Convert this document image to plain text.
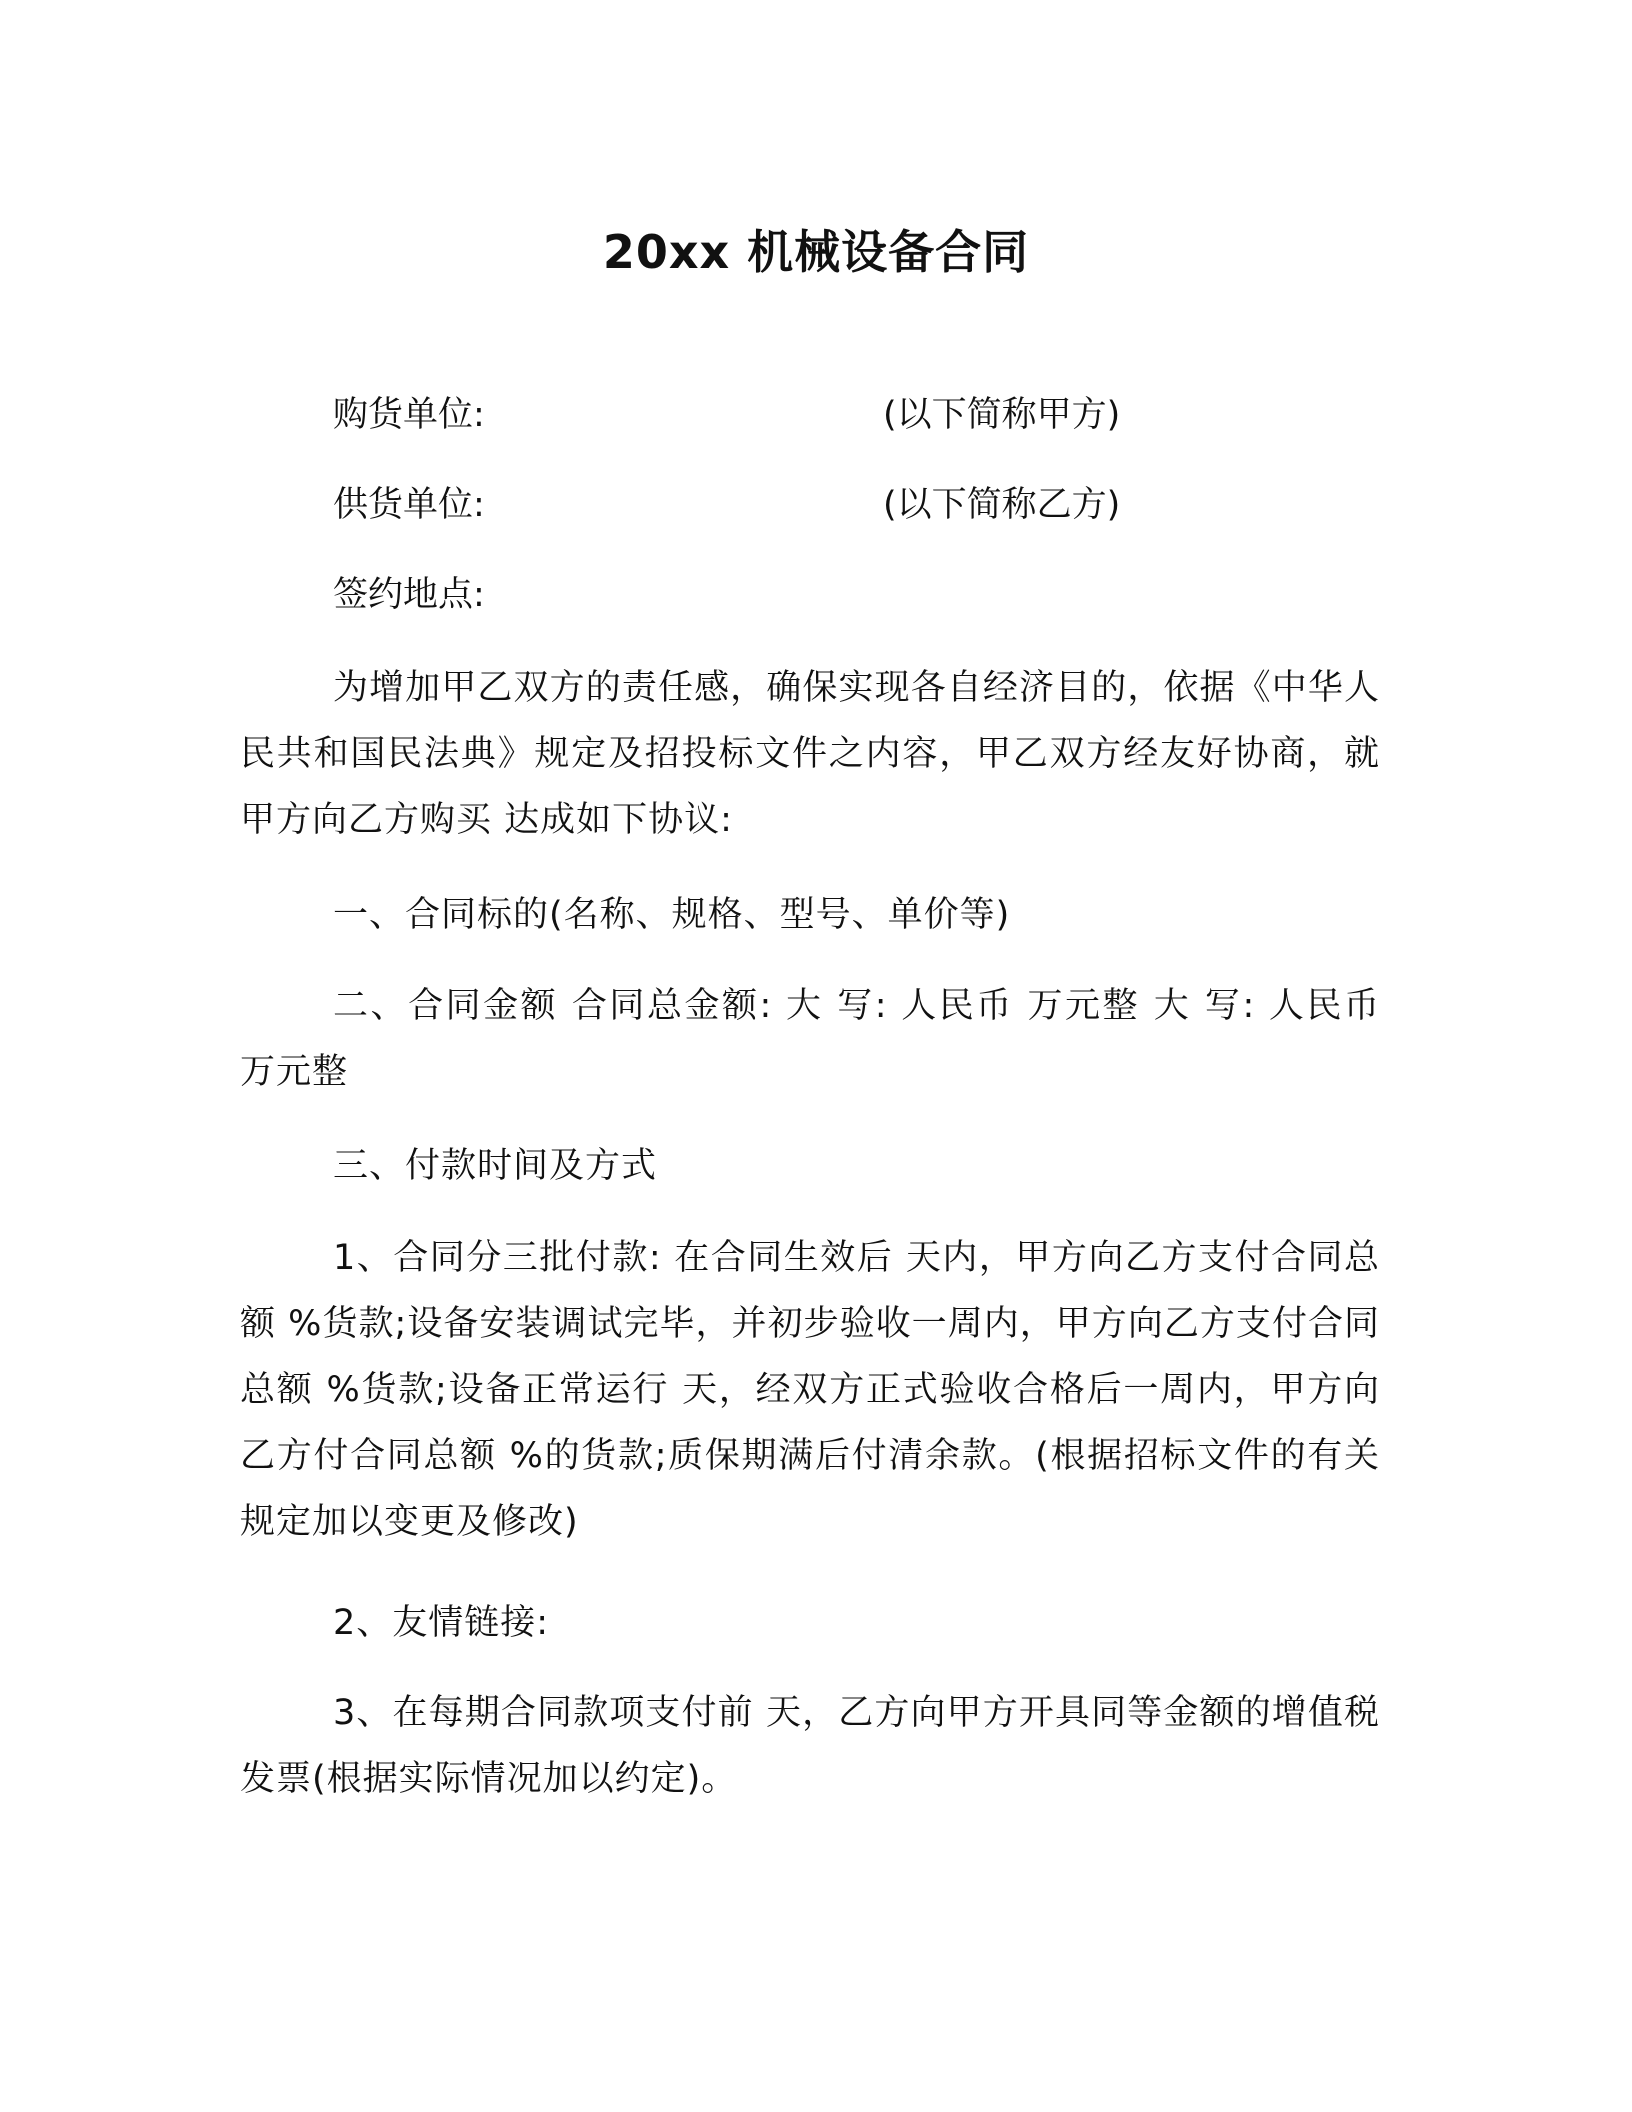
20xx 机械设备合同
购货单位:	(以下简称甲方)
供货单位:	(以下简称乙方)
签约地点:

为增加甲乙双方的责任感，确保实现各自经济目的，依据《中华人民共和国民法典》规定及招投标文件之内容，甲乙双方经友好协商，就甲方向乙方购买 达成如下协议:

一、合同标的(名称、规格、型号、单价等)

二、合同金额 合同总金额: 大 写: 人民币 万元整 大 写: 人民币 万元整

三、付款时间及方式

1、合同分三批付款: 在合同生效后 天内，甲方向乙方支付合同总额 %货款;设备安装调试完毕，并初步验收一周内，甲方向乙方支付合同总额 %货款;设备正常运行 天，经双方正式验收合格后一周内，甲方向乙方付合同总额 %的货款;质保期满后付清余款。(根据招标文件的有关规定加以变更及修改)

2、友情链接:

3、在每期合同款项支付前 天，乙方向甲方开具同等金额的增值税发票(根据实际情况加以约定)。
